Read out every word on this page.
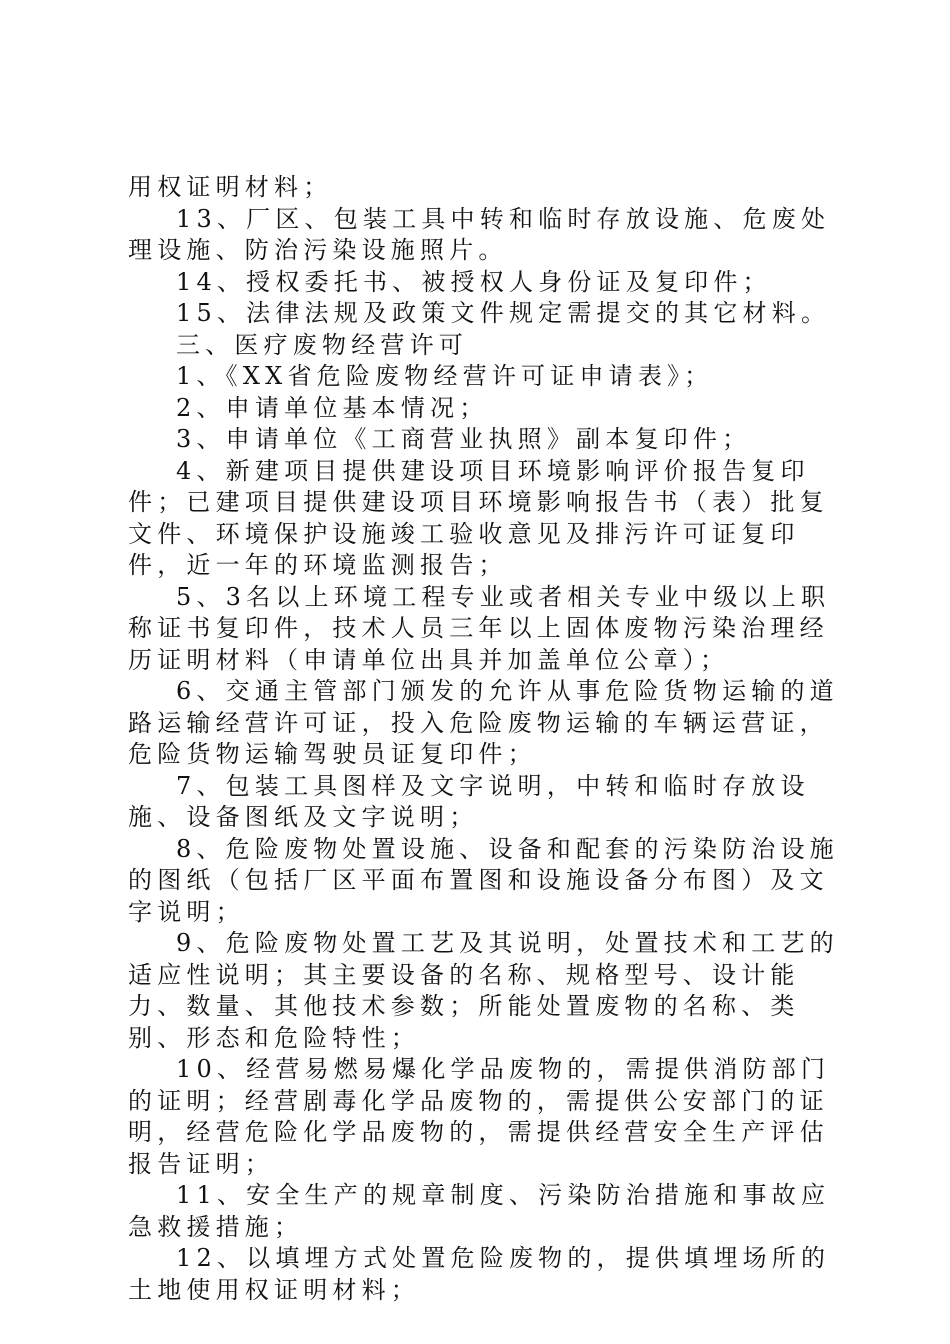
用权证明材料；

13、厂区、包装工具中转和临时存放设施、危废处理设施、防治污染设施照片。

14、授权委托书、被授权人身份证及复印件；

15、法律法规及政策文件规定需提交的其它材料。

三、医疗废物经营许可

1、《XX省危险废物经营许可证申请表》；

2、申请单位基本情况；

3、申请单位《工商营业执照》副本复印件；

4、新建项目提供建设项目环境影响评价报告复印件；已建项目提供建设项目环境影响报告书（表）批复文件、环境保护设施竣工验收意见及排污许可证复印件，近一年的环境监测报告；

5、3名以上环境工程专业或者相关专业中级以上职称证书复印件，技术人员三年以上固体废物污染治理经历证明材料（申请单位出具并加盖单位公章）；

6、交通主管部门颁发的允许从事危险货物运输的道路运输经营许可证，投入危险废物运输的车辆运营证，危险货物运输驾驶员证复印件；

7、包装工具图样及文字说明，中转和临时存放设施、设备图纸及文字说明；

8、危险废物处置设施、设备和配套的污染防治设施的图纸（包括厂区平面布置图和设施设备分布图）及文字说明；

9、危险废物处置工艺及其说明，处置技术和工艺的适应性说明；其主要设备的名称、规格型号、设计能力、数量、其他技术参数；所能处置废物的名称、类别、形态和危险特性；

10、经营易燃易爆化学品废物的，需提供消防部门的证明；经营剧毒化学品废物的，需提供公安部门的证明，经营危险化学品废物的，需提供经营安全生产评估报告证明；

11、安全生产的规章制度、污染防治措施和事故应急救援措施；

12、以填埋方式处置危险废物的，提供填埋场所的土地使用权证明材料；
